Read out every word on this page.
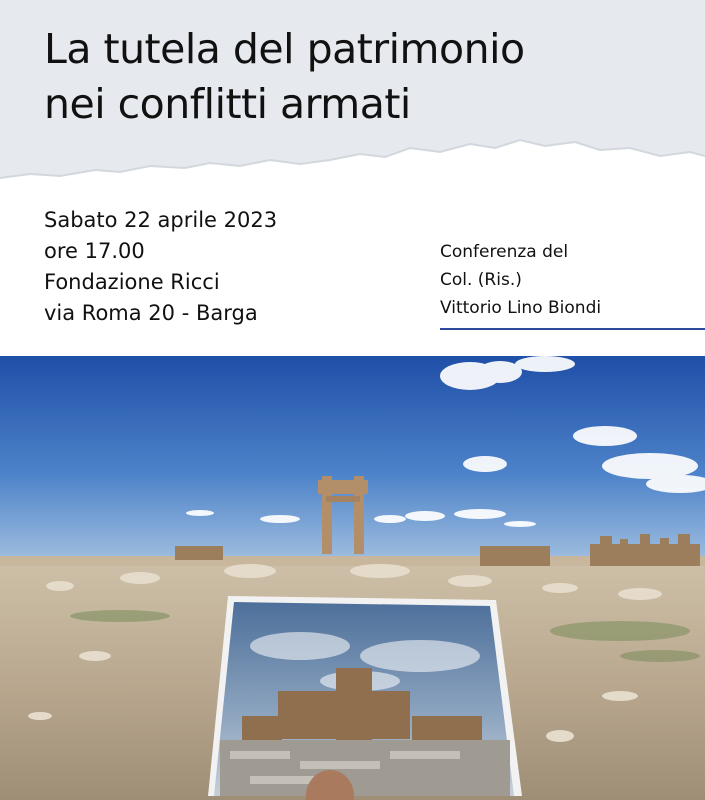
La tutela del patrimonio
nei conflitti armati
Sabato 22 aprile 2023
ore 17.00
Fondazione Ricci
via Roma 20 - Barga
Conferenza del
Col. (Ris.)
Vittorio Lino Biondi
